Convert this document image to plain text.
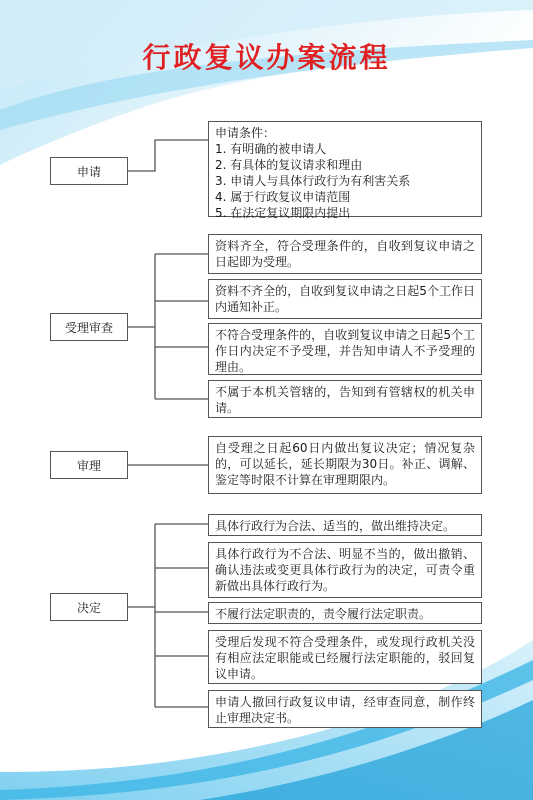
行政复议办案流程
申请
申请条件：
1. 有明确的被申请人
2. 有具体的复议请求和理由
3. 申请人与具体行政行为有利害关系
4. 属于行政复议申请范围
5. 在法定复议期限内提出
受理审查
资料齐全，符合受理条件的，自收到复议申请之日起即为受理。
资料不齐全的，自收到复议申请之日起5个工作日内通知补正。
不符合受理条件的，自收到复议申请之日起5个工作日内决定不予受理，并告知申请人不予受理的理由。
不属于本机关管辖的，告知到有管辖权的机关申请。
审理
自受理之日起60日内做出复议决定；情况复杂的，可以延长，延长期限为30日。补正、调解、鉴定等时限不计算在审理期限内。
决定
具体行政行为合法、适当的，做出维持决定。
具体行政行为不合法、明显不当的，做出撤销、确认违法或变更具体行政行为的决定，可责令重新做出具体行政行为。
不履行法定职责的，责令履行法定职责。
受理后发现不符合受理条件，或发现行政机关没有相应法定职能或已经履行法定职能的，驳回复议申请。
申请人撤回行政复议申请，经审查同意，制作终止审理决定书。
